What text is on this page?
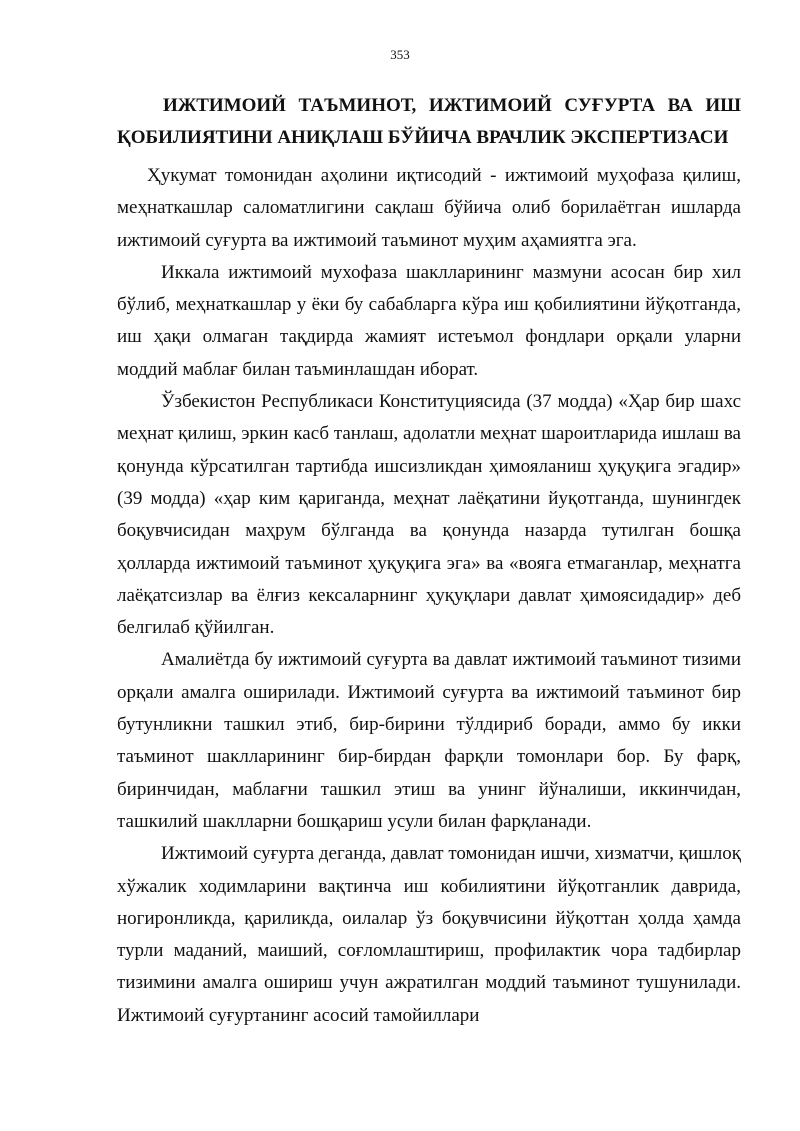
353
ИЖТИМОИЙ ТАЪМИНОТ, ИЖТИМОИЙ СУҒУРТА ВА ИШ
ҚОБИЛИЯТИНИ АНИҚЛАШ БЎЙИЧА ВРАЧЛИК ЭКСПЕРТИЗАСИ

Ҳукумат томонидан аҳолини иқтисодий - ижтимоий муҳофаза қилиш, меҳнаткашлар саломатлигини сақлаш бўйича олиб борилаётган ишларда ижтимоий суғурта ва ижтимоий таъминот муҳим аҳамиятга эга.

Иккала ижтимоий мухофаза шаклларининг мазмуни асосан бир хил бўлиб, меҳнаткашлар у ёки бу сабабларга кўра иш қобилиятини йўқотганда, иш ҳақи олмаган тақдирда жамият истеъмол фондлари орқали уларни моддий маблағ билан таъминлашдан иборат.

Ўзбекистон Республикаси Конституциясида (37 модда) «Ҳар бир шахс меҳнат қилиш, эркин касб танлаш, адолатли меҳнат шароитларида ишлаш ва қонунда кўрсатилган тартибда ишсизликдан ҳимояланиш ҳуқуқига эгадир» (39 модда) «ҳар ким қариганда, меҳнат лаёқатини йуқотганда, шунингдек боқувчисидан маҳрум бўлганда ва қонунда назарда тутилган бошқа ҳолларда ижтимоий таъминот ҳуқуқига эга» ва «вояга етмаганлар, меҳнатга лаёқатсизлар ва ёлғиз кексаларнинг ҳуқуқлари давлат ҳимоясидадир» деб белгилаб қўйилган.

Амалиётда бу ижтимоий суғурта ва давлат ижтимоий таъминот тизими орқали амалга оширилади. Ижтимоий суғурта ва ижтимоий таъминот бир бутунликни ташкил этиб, бир-бирини тўлдириб боради, аммо бу икки таъминот шаклларининг бир-бирдан фарқли томонлари бор. Бу фарқ, биринчидан, маблағни ташкил этиш ва унинг йўналиши, иккинчидан, ташкилий шаклларни бошқариш усули билан фарқланади.

Ижтимоий суғурта деганда, давлат томонидан ишчи, хизматчи, қишлоқ хўжалик ходимларини вақтинча иш кобилиятини йўқотганлик даврида, ногиронликда, қариликда, оилалар ўз боқувчисини йўқоттан ҳолда ҳамда турли маданий, маиший, соғломлаштириш, профилактик чора тадбирлар тизимини амалга ошириш учун ажратилган моддий таъминот тушунилади. Ижтимоий суғуртанинг асосий тамойиллари
